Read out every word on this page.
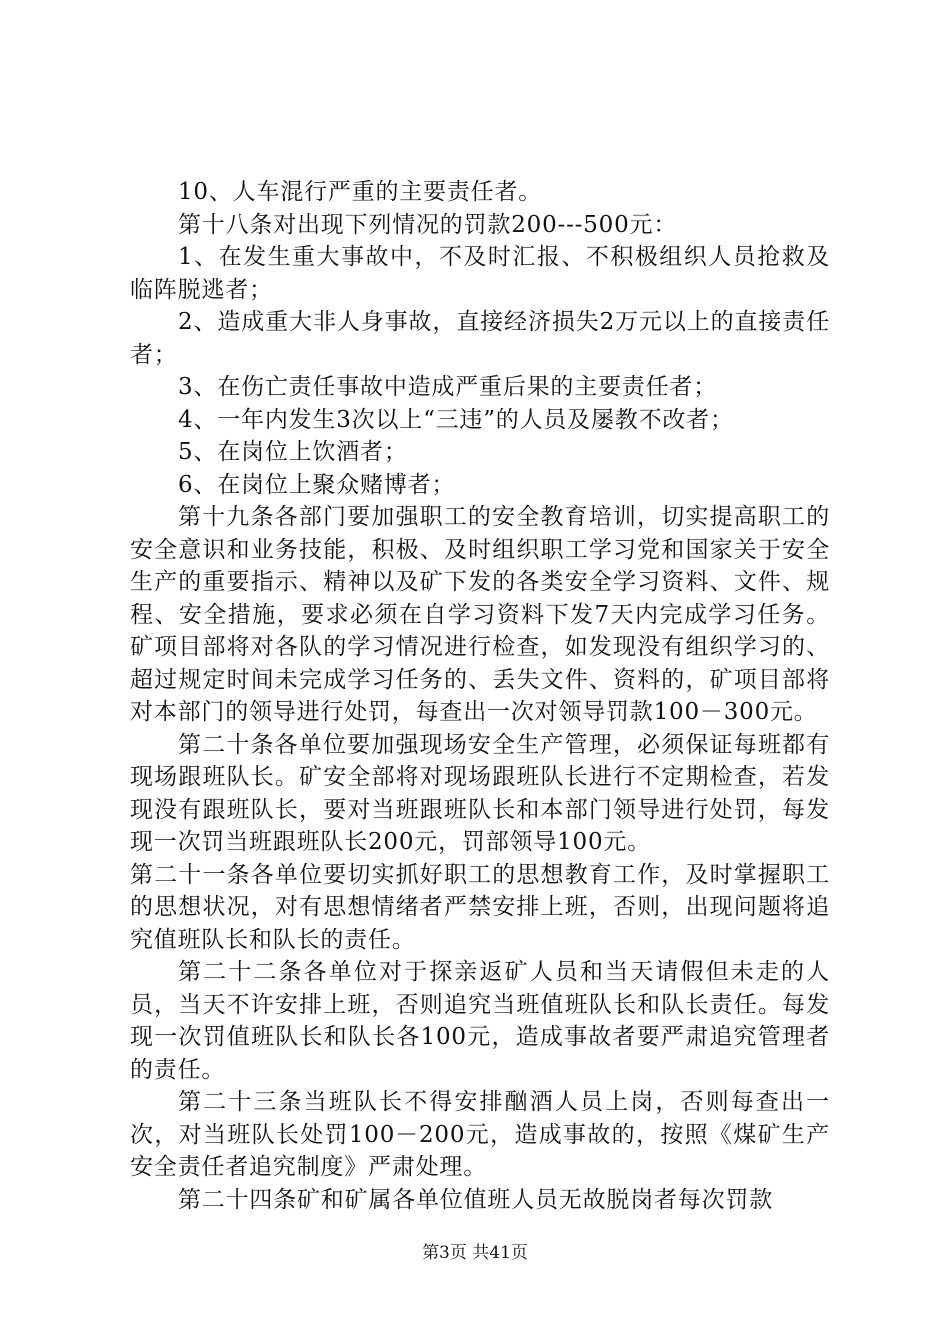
10、人车混行严重的主要责任者。

第十八条对出现下列情况的罚款200---500元：

1、在发生重大事故中，不及时汇报、不积极组织人员抢救及临阵脱逃者；

2、造成重大非人身事故，直接经济损失2万元以上的直接责任者；

3、在伤亡责任事故中造成严重后果的主要责任者；

4、一年内发生3次以上“三违”的人员及屡教不改者；

5、在岗位上饮酒者；

6、在岗位上聚众赌博者；

第十九条各部门要加强职工的安全教育培训，切实提高职工的安全意识和业务技能，积极、及时组织职工学习党和国家关于安全生产的重要指示、精神以及矿下发的各类安全学习资料、文件、规程、安全措施，要求必须在自学习资料下发7天内完成学习任务。矿项目部将对各队的学习情况进行检查，如发现没有组织学习的、超过规定时间未完成学习任务的、丢失文件、资料的，矿项目部将对本部门的领导进行处罚，每查出一次对领导罚款100－300元。

第二十条各单位要加强现场安全生产管理，必须保证每班都有现场跟班队长。矿安全部将对现场跟班队长进行不定期检查，若发现没有跟班队长，要对当班跟班队长和本部门领导进行处罚，每发现一次罚当班跟班队长200元，罚部领导100元。

第二十一条各单位要切实抓好职工的思想教育工作，及时掌握职工的思想状况，对有思想情绪者严禁安排上班，否则，出现问题将追究值班队长和队长的责任。

第二十二条各单位对于探亲返矿人员和当天请假但未走的人员，当天不许安排上班，否则追究当班值班队长和队长责任。每发现一次罚值班队长和队长各100元，造成事故者要严肃追究管理者的责任。

第二十三条当班队长不得安排酗酒人员上岗，否则每查出一次，对当班队长处罚100－200元，造成事故的，按照《煤矿生产安全责任者追究制度》严肃处理。

第二十四条矿和矿属各单位值班人员无故脱岗者每次罚款

第3页 共41页
